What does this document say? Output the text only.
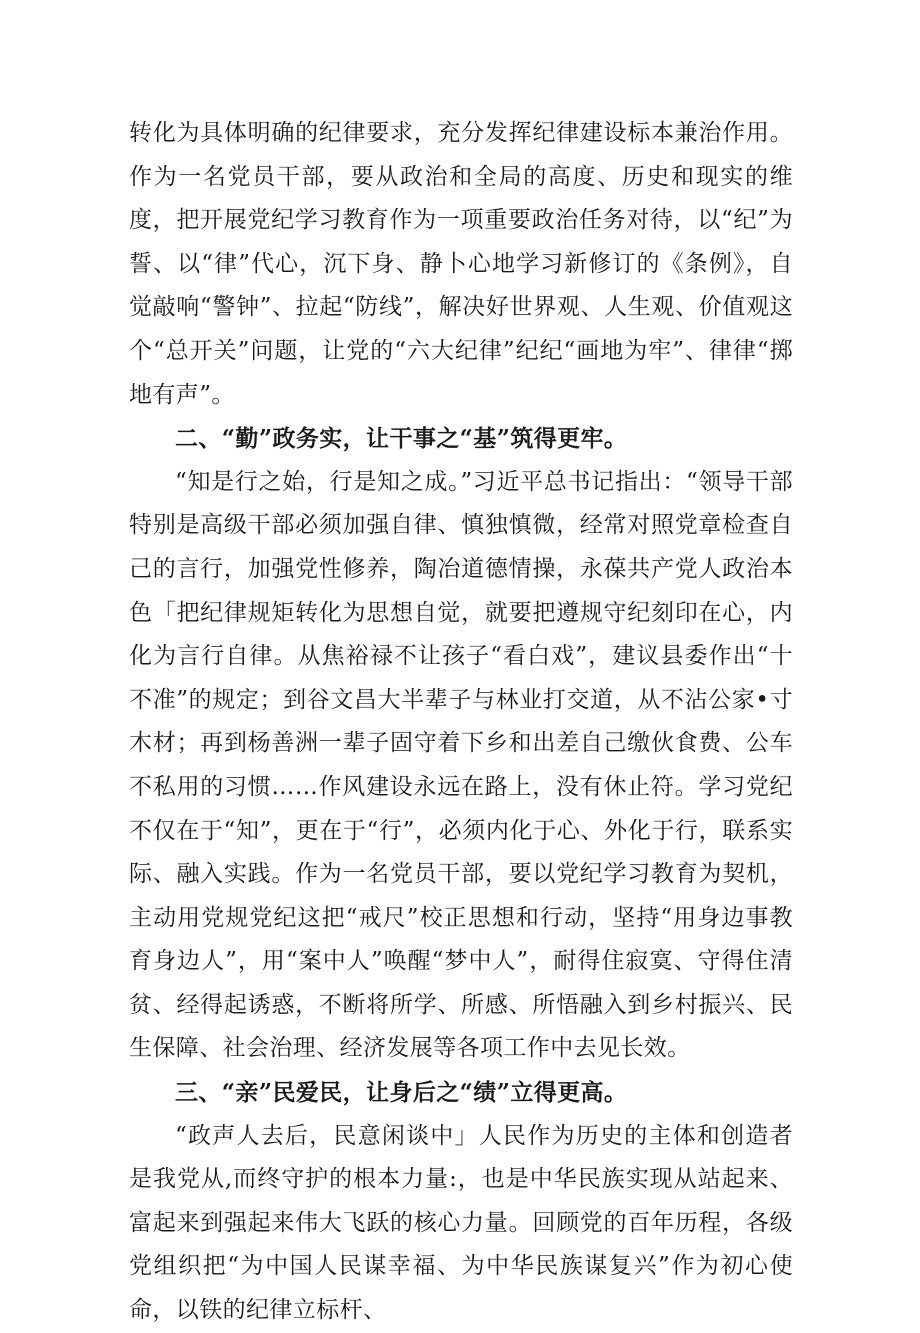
转化为具体明确的纪律要求，充分发挥纪律建设标本兼治作用。作为一名党员干部，要从政治和全局的高度、历史和现实的维度，把开展党纪学习教育作为一项重要政治任务对待，以“纪”为誓、以“律”代心，沉下身、静卜心地学习新修订的《条例》，自觉敲响“警钟”、拉起“防线”，解决好世界观、人生观、价值观这个“总开关”问题，让党的“六大纪律”纪纪“画地为牢”、律律“掷地有声”。

二、“勤”政务实，让干事之“基”筑得更牢。

“知是行之始，行是知之成。”习近平总书记指出：“领导干部特别是高级干部必须加强自律、慎独慎微，经常对照党章检查自己的言行，加强党性修养，陶冶道德情操，永葆共产党人政治本色「把纪律规矩转化为思想自觉，就要把遵规守纪刻印在心，内化为言行自律。从焦裕禄不让孩子“看白戏”，建议县委作出“十不准”的规定；到谷文昌大半辈子与林业打交道，从不沾公家•寸木材；再到杨善洲一辈子固守着下乡和出差自己缴伙食费、公车不私用的习惯……作风建设永远在路上，没有休止符。学习党纪不仅在于“知”，更在于“行”，必须内化于心、外化于行，联系实际、融入实践。作为一名党员干部，要以党纪学习教育为契机，主动用党规党纪这把“戒尺”校正思想和行动，坚持“用身边事教育身边人”，用“案中人”唤醒“梦中人”，耐得住寂寞、守得住清贫、经得起诱惑，不断将所学、所感、所悟融入到乡村振兴、民生保障、社会治理、经济发展等各项工作中去见长效。

三、“亲”民爱民，让身后之“绩”立得更高。

“政声人去后，民意闲谈中」人民作为历史的主体和创造者是我党从,而终守护的根本力量:，也是中华民族实现从站起来、富起来到强起来伟大飞跃的核心力量。回顾党的百年历程，各级党组织把“为中国人民谋幸福、为中华民族谋复兴”作为初心使命，以铁的纪律立标杆、
